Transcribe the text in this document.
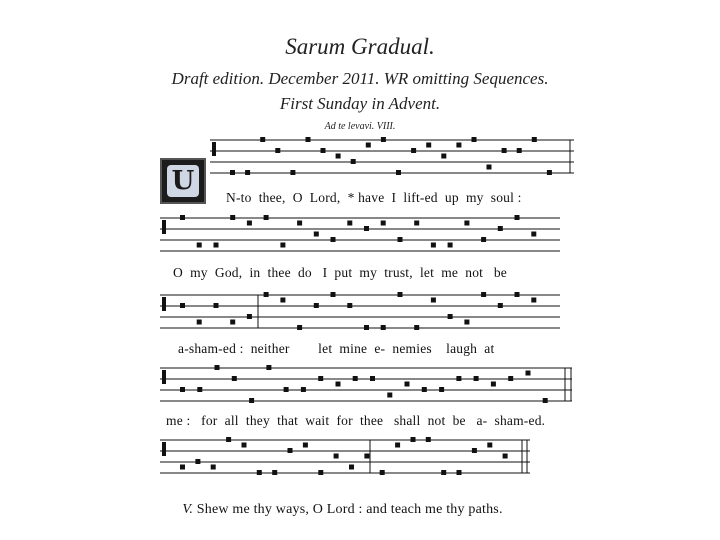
Sarum Gradual.
Draft edition. December 2011. WR omitting Sequences.
First Sunday in Advent.
Ad te levavi. VIII.
U
N-to  thee,  O  Lord,  * have  I  lift-ed  up  my  soul :
O  my  God,  in  thee  do   I  put  my  trust,  let  me  not   be
a-sham-ed :  neither        let  mine  e-  nemies    laugh  at
me :   for  all  they  that  wait  for  thee   shall  not  be   a-  sham-ed.

V. Shew me thy ways, O Lord : and teach me thy paths.
